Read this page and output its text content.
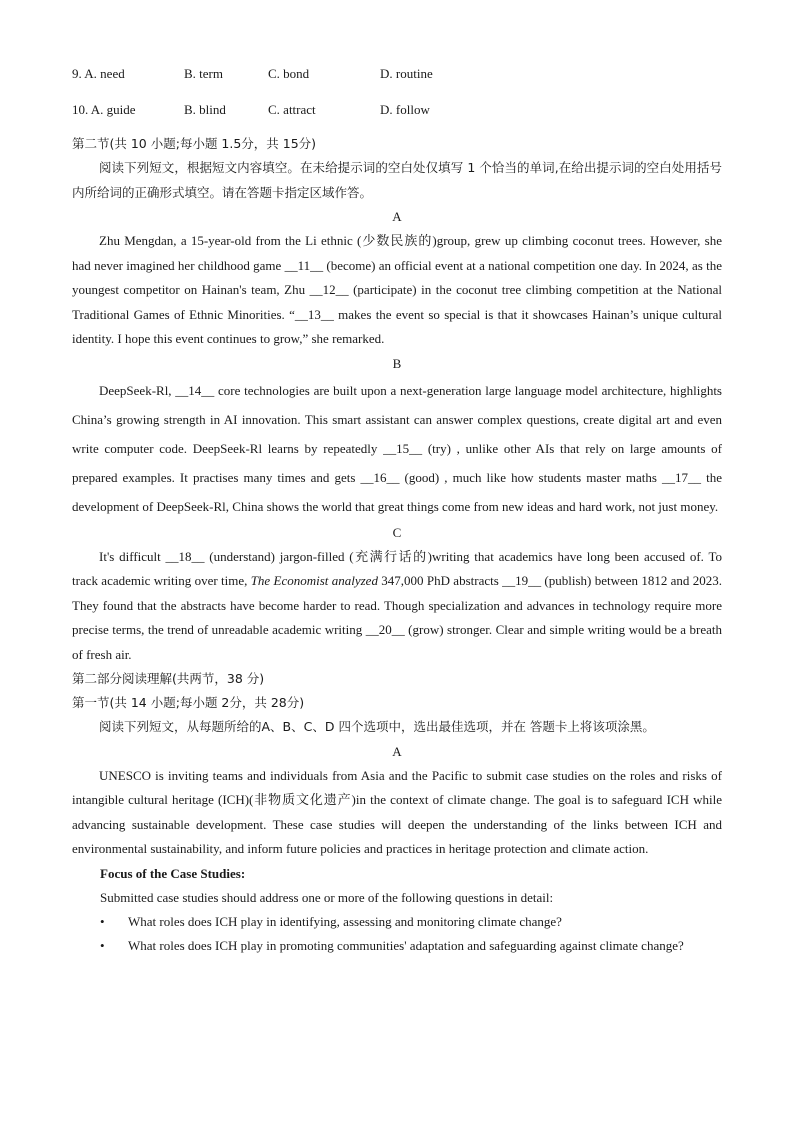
9. A. need	B. term	C. bond	D. routine
10. A. guide	B. blind	C. attract	D. follow
第二节(共 10 小题;每小题 1.5分，共 15分)

阅读下列短文，根据短文内容填空。在未给提示词的空白处仅填写 1 个恰当的单词,在给出提示词的空白处用括号内所给词的正确形式填空。请在答题卡指定区域作答。

A

Zhu Mengdan, a 15-year-old from the Li ethnic (少数民族的)group, grew up climbing coconut trees. However, she had never imagined her childhood game __11__ (become) an official event at a national competition one day. In 2024, as the youngest competitor on Hainan's team, Zhu __12__ (participate) in the coconut tree climbing competition at the National Traditional Games of Ethnic Minorities. “__13__ makes the event so special is that it showcases Hainan’s unique cultural identity. I hope this event continues to grow,” she remarked.

B

DeepSeek-Rl, __14__ core technologies are built upon a next-generation large language model architecture, highlights China’s growing strength in AI innovation. This smart assistant can answer complex questions, create digital art and even write computer code. DeepSeek-Rl learns by repeatedly __15__ (try) , unlike other AIs that rely on large amounts of prepared examples. It practises many times and gets __16__ (good) , much like how students master maths __17__ the development of DeepSeek-Rl, China shows the world that great things come from new ideas and hard work, not just money.

C

It's difficult __18__ (understand) jargon-filled (充满行话的)writing that academics have long been accused of. To track academic writing over time, The Economist analyzed 347,000 PhD abstracts __19__ (publish) between 1812 and 2023. They found that the abstracts have become harder to read. Though specialization and advances in technology require more precise terms, the trend of unreadable academic writing __20__ (grow) stronger. Clear and simple writing would be a breath of fresh air.

第二部分阅读理解(共两节，38 分)
第一节(共 14 小题;每小题 2分，共 28分)

阅读下列短文，从每题所给的A、B、C、D 四个选项中，选出最佳选项，并在 答题卡上将该项涂黑。

A

UNESCO is inviting teams and individuals from Asia and the Pacific to submit case studies on the roles and risks of intangible cultural heritage (ICH)(非物质文化遗产)in the context of climate change. The goal is to safeguard ICH while advancing sustainable development. These case studies will deepen the understanding of the links between ICH and environmental sustainability, and inform future policies and practices in heritage protection and climate action.

Focus of the Case Studies:
Submitted case studies should address one or more of the following questions in detail:
• What roles does ICH play in identifying, assessing and monitoring climate change?
• What roles does ICH play in promoting communities' adaptation and safeguarding against climate change?
